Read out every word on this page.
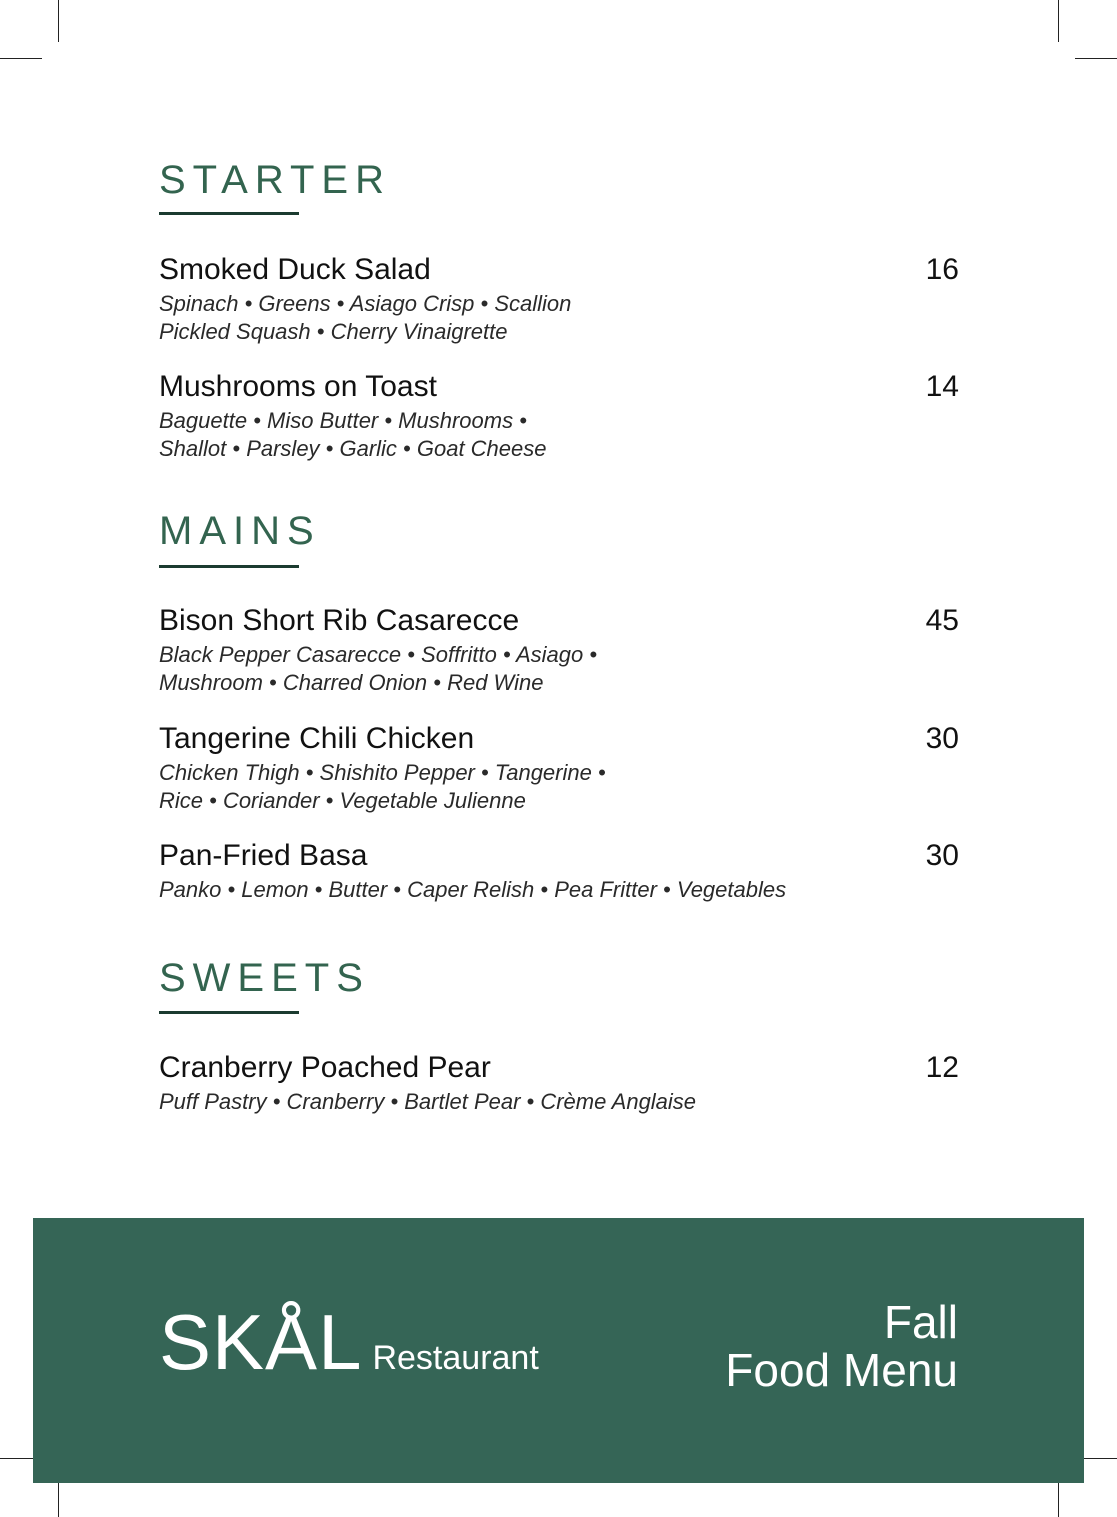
STARTER
Smoked Duck Salad	16
Spinach • Greens • Asiago Crisp • Scallion
Pickled Squash • Cherry Vinaigrette
Mushrooms on Toast	14
Baguette • Miso Butter • Mushrooms •
Shallot • Parsley • Garlic • Goat Cheese
MAINS
Bison Short Rib Casarecce	45
Black Pepper Casarecce • Soffritto • Asiago •
Mushroom • Charred Onion • Red Wine
Tangerine Chili Chicken	30
Chicken Thigh • Shishito Pepper • Tangerine •
Rice • Coriander • Vegetable Julienne
Pan-Fried Basa	30
Panko • Lemon • Butter • Caper Relish • Pea Fritter • Vegetables
SWEETS
Cranberry Poached Pear	12
Puff Pastry • Cranberry • Bartlet Pear • Crème Anglaise
SKÅL Restaurant
Fall
Food Menu
